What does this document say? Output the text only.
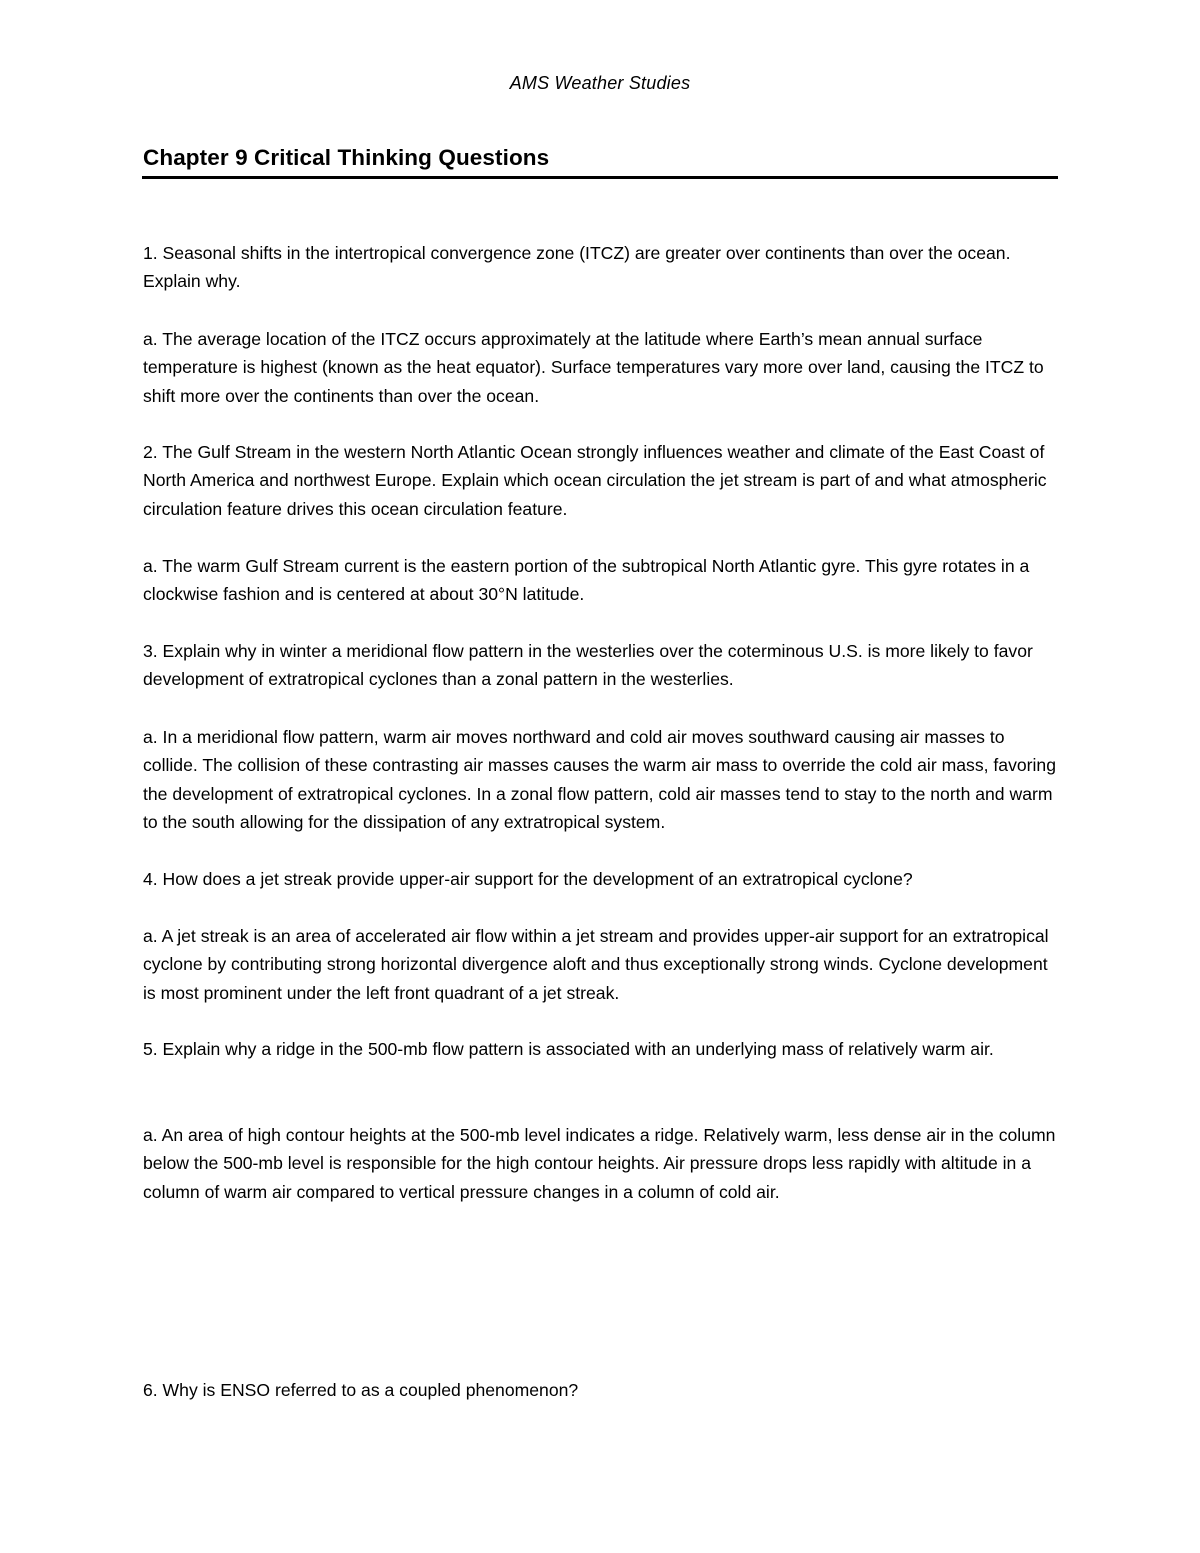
AMS Weather Studies
Chapter 9 Critical Thinking Questions

1. Seasonal shifts in the intertropical convergence zone (ITCZ) are greater over continents than over the ocean. Explain why.

a. The average location of the ITCZ occurs approximately at the latitude where Earth’s mean annual surface temperature is highest (known as the heat equator). Surface temperatures vary more over land, causing the ITCZ to shift more over the continents than over the ocean.

2. The Gulf Stream in the western North Atlantic Ocean strongly influences weather and climate of the East Coast of North America and northwest Europe. Explain which ocean circulation the jet stream is part of and what atmospheric circulation feature drives this ocean circulation feature.

a. The warm Gulf Stream current is the eastern portion of the subtropical North Atlantic gyre. This gyre rotates in a clockwise fashion and is centered at about 30°N latitude.

3. Explain why in winter a meridional flow pattern in the westerlies over the coterminous U.S. is more likely to favor development of extratropical cyclones than a zonal pattern in the westerlies.

a. In a meridional flow pattern, warm air moves northward and cold air moves southward causing air masses to collide. The collision of these contrasting air masses causes the warm air mass to override the cold air mass, favoring the development of extratropical cyclones. In a zonal flow pattern, cold air masses tend to stay to the north and warm to the south allowing for the dissipation of any extratropical system.

4. How does a jet streak provide upper-air support for the development of an extratropical cyclone?

a. A jet streak is an area of accelerated air flow within a jet stream and provides upper-air support for an extratropical cyclone by contributing strong horizontal divergence aloft and thus exceptionally strong winds. Cyclone development is most prominent under the left front quadrant of a jet streak.

5. Explain why a ridge in the 500-mb flow pattern is associated with an underlying mass of relatively warm air.

a. An area of high contour heights at the 500-mb level indicates a ridge. Relatively warm, less dense air in the column below the 500-mb level is responsible for the high contour heights. Air pressure drops less rapidly with altitude in a column of warm air compared to vertical pressure changes in a column of cold air.

6. Why is ENSO referred to as a coupled phenomenon?
